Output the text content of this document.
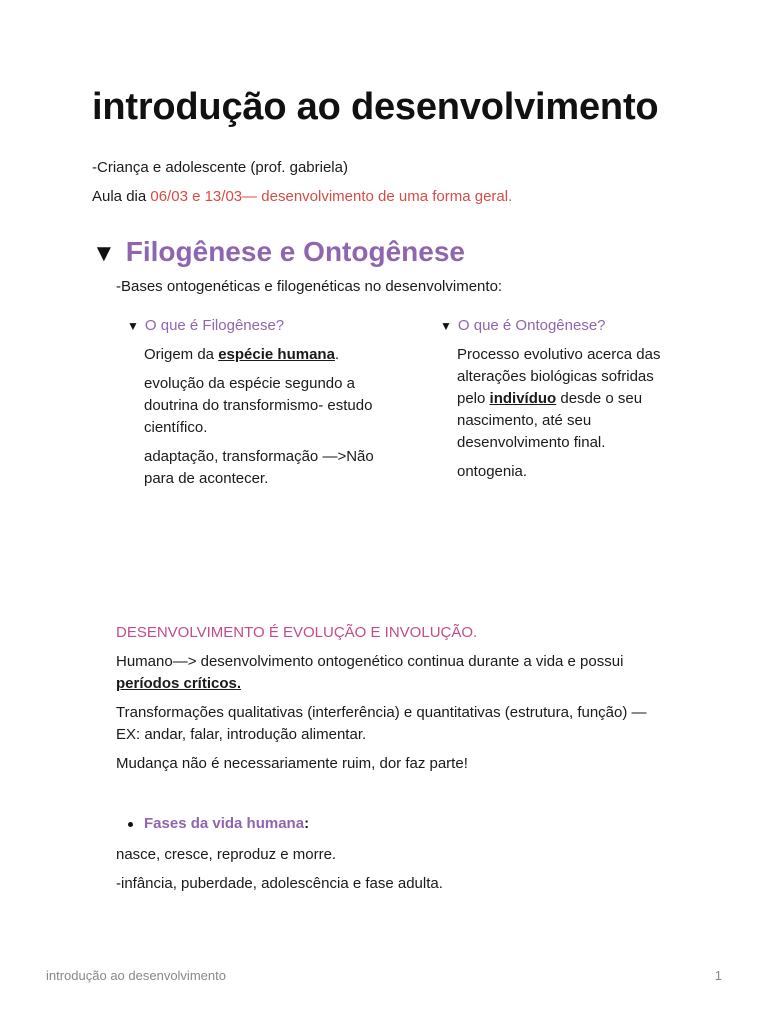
introdução ao desenvolvimento
-Criança e adolescente (prof. gabriela)
Aula dia 06/03 e 13/03— desenvolvimento de uma forma geral.
▼ Filogênese e Ontogênese
-Bases ontogenéticas e filogenéticas no desenvolvimento:
▼ O que é Filogênese?
Origem da espécie humana.
evolução da espécie segundo a
doutrina do transformismo- estudo
científico.
adaptação, transformação —>Não
para de acontecer.
▼ O que é Ontogênese?
Processo evolutivo acerca das
alterações biológicas sofridas
pelo indivíduo desde o seu
nascimento, até seu
desenvolvimento final.
ontogenia.
DESENVOLVIMENTO É EVOLUÇÃO E INVOLUÇÃO.
Humano—> desenvolvimento ontogenético continua durante a vida e possui
períodos críticos.
Transformações qualitativas (interferência) e quantitativas (estrutura, função) —
EX: andar, falar, introdução alimentar.
Mudança não é necessariamente ruim, dor faz parte!
Fases da vida humana:
nasce, cresce, reproduz e morre.
-infância, puberdade, adolescência e fase adulta.
introdução ao desenvolvimento	1
